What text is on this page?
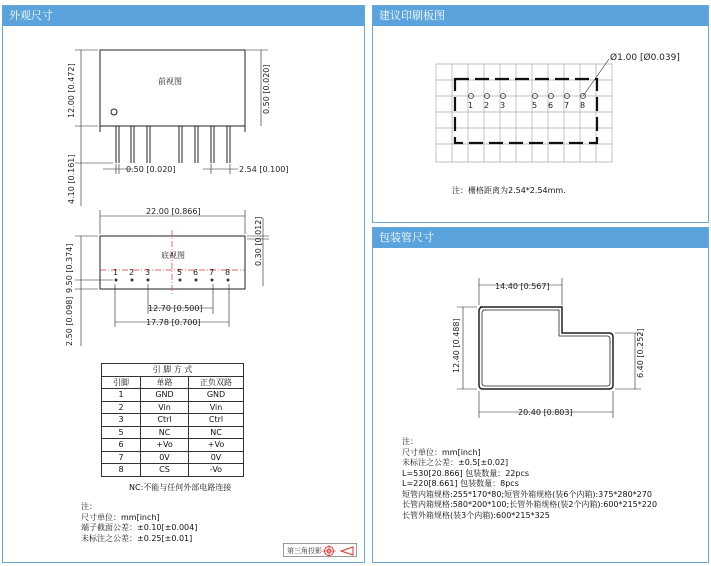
外观尺寸
前视图
12.00 [0.472]
4.10 [0.161]
0.50 [0.020]
0.50 [0.020]	2.54 [0.100]
1 2 3	5 6 7 8
底视图
22.00 [0.866]
0.30 [0.012]
9.50 [0.374]
2.50 [0.098]	12.70 [0.500]
17.78 [0.700]
引 脚 方 式		
引脚	单路	正负双路
1	GND	GND
2	Vin	Vin
3	Ctrl	Ctrl
5	NC	NC
6	+Vo	+Vo
7	0V	0V
8	CS	-Vo
NC:不能与任何外部电路连接
注：
尺寸单位：mm[inch]
端子截面公差：±0.10[±0.004]
未标注之公差：±0.25[±0.01]
第三角投影
建议印刷板图
Ø1.00 [Ø0.039]
1 2 3	5 6 7 8
注：栅格距离为2.54*2.54mm.
包装管尺寸
14.40 [0.567]
12.40 [0.488]	6.40 [0.252]
20.40 [0.803]
注：
尺寸单位：mm[inch]
未标注之公差：±0.5[±0.02]
L=530[20.866] 包装数量：22pcs
L=220[8.661] 包装数量：8pcs
短管内箱规格:255*170*80;短管外箱规格(装6个内箱):375*280*270
长管内箱规格:580*200*100;长管外箱规格(装2个内箱):600*215*220
长管外箱规格(装3个内箱):600*215*325
